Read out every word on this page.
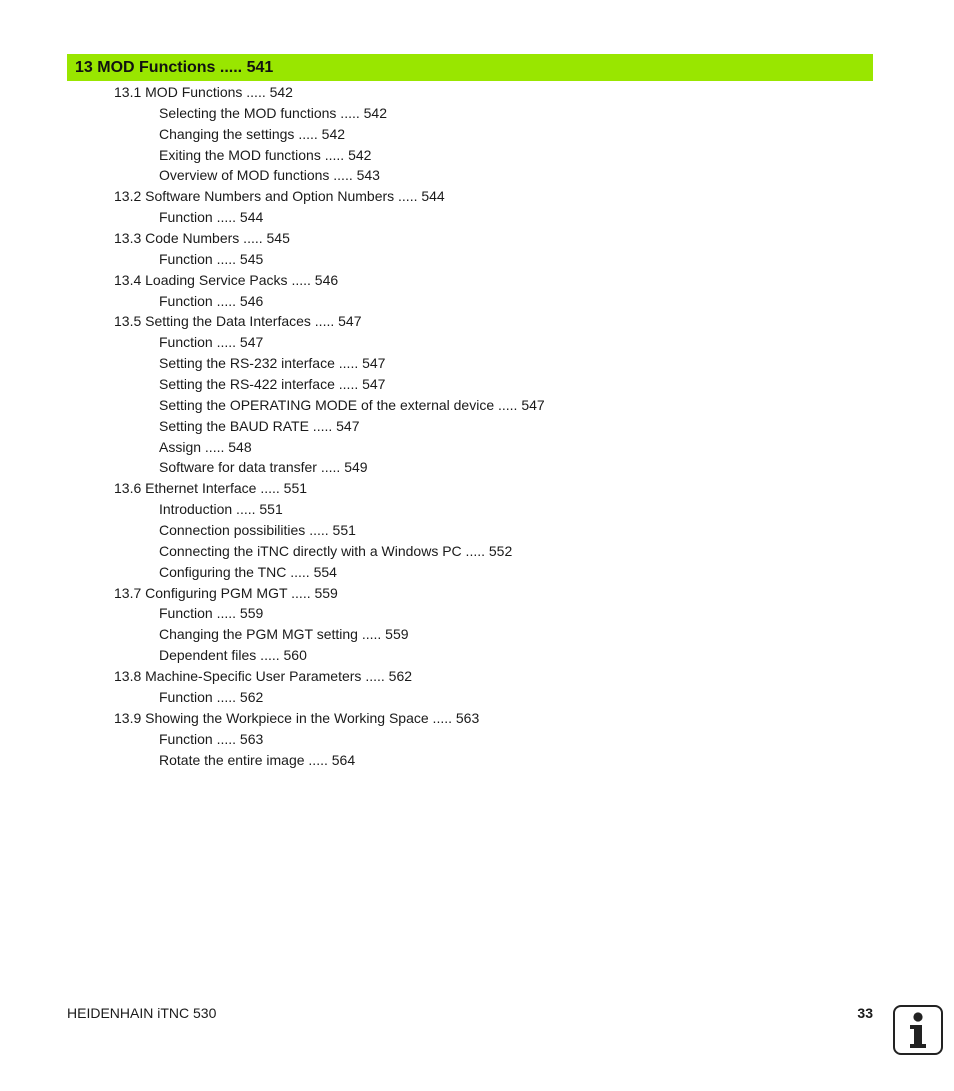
13 MOD Functions ..... 541
13.1 MOD Functions ..... 542
Selecting the MOD functions ..... 542
Changing the settings ..... 542
Exiting the MOD functions ..... 542
Overview of MOD functions ..... 543
13.2 Software Numbers and Option Numbers ..... 544
Function ..... 544
13.3 Code Numbers ..... 545
Function ..... 545
13.4 Loading Service Packs ..... 546
Function ..... 546
13.5 Setting the Data Interfaces ..... 547
Function ..... 547
Setting the RS-232 interface ..... 547
Setting the RS-422 interface ..... 547
Setting the OPERATING MODE of the external device ..... 547
Setting the BAUD RATE ..... 547
Assign ..... 548
Software for data transfer ..... 549
13.6 Ethernet Interface ..... 551
Introduction ..... 551
Connection possibilities ..... 551
Connecting the iTNC directly with a Windows PC ..... 552
Configuring the TNC ..... 554
13.7 Configuring PGM MGT ..... 559
Function ..... 559
Changing the PGM MGT setting ..... 559
Dependent files ..... 560
13.8 Machine-Specific User Parameters ..... 562
Function ..... 562
13.9 Showing the Workpiece in the Working Space ..... 563
Function ..... 563
Rotate the entire image ..... 564
HEIDENHAIN iTNC 530	33
